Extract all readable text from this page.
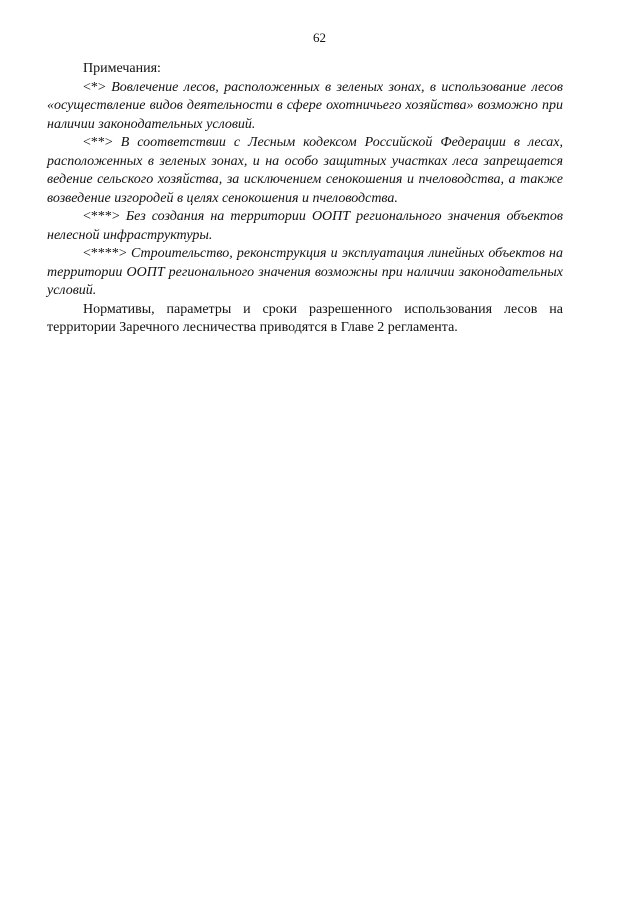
62

Примечания:

<*> Вовлечение лесов, расположенных в зеленых зонах, в использование лесов «осуществление видов деятельности в сфере охотничьего хозяйства» возможно при наличии законодательных условий.

<**> В соответствии с Лесным кодексом Российской Федерации в лесах, расположенных в зеленых зонах, и на особо защитных участках леса запрещается ведение сельского хозяйства, за исключением сенокошения и пчеловодства, а также возведение изгородей в целях сенокошения и пчеловодства.

<***> Без создания на территории ООПТ регионального значения объектов нелесной инфраструктуры.

<****> Строительство, реконструкция и эксплуатация линейных объектов на территории ООПТ регионального значения возможны при наличии законодательных условий.

Нормативы, параметры и сроки разрешенного использования лесов на территории Заречного лесничества приводятся в Главе 2 регламента.
